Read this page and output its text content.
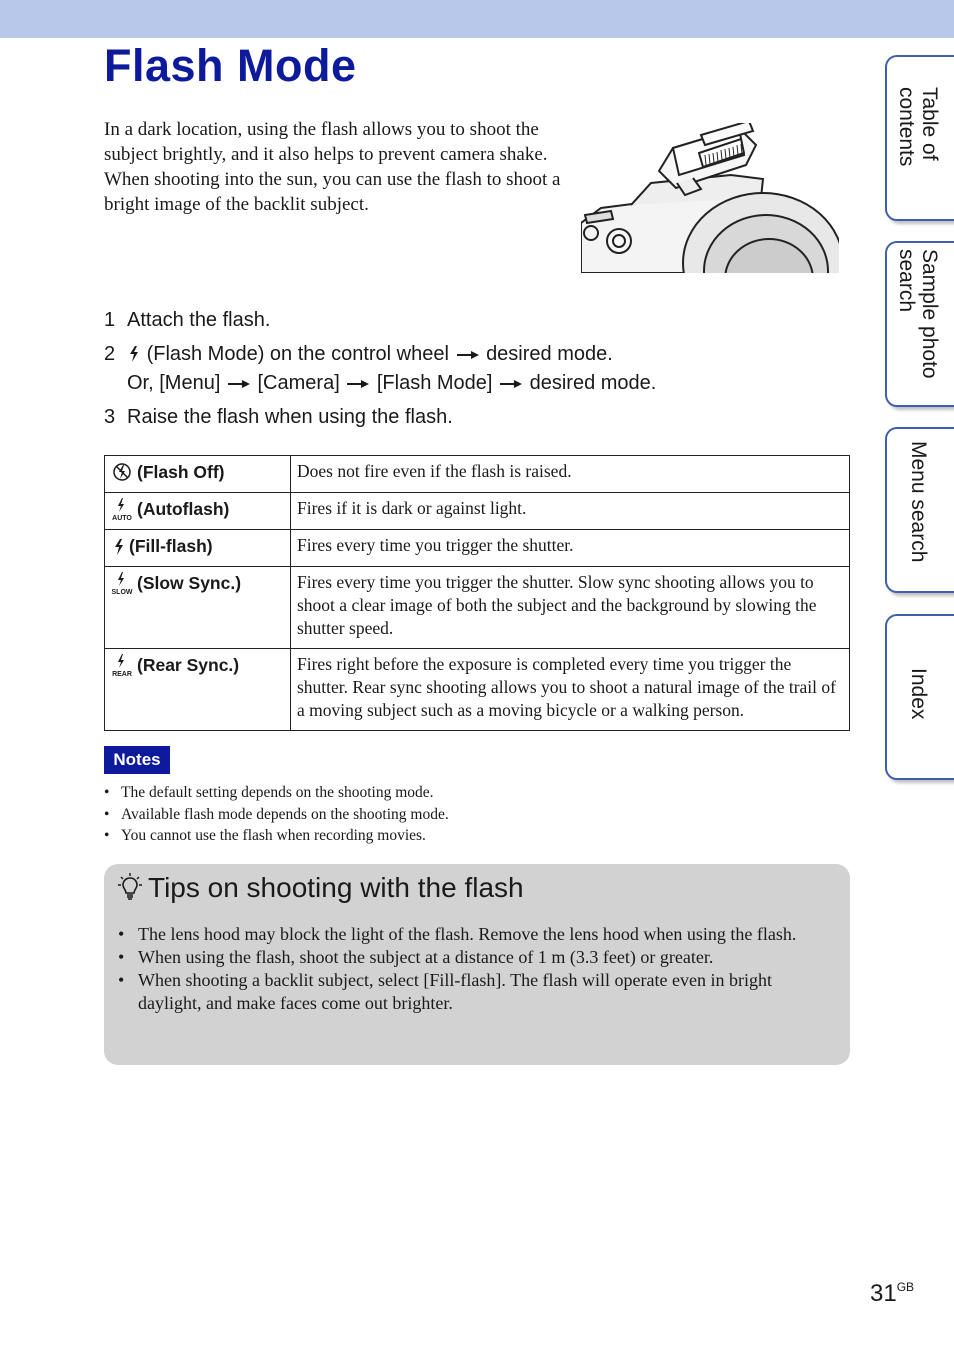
Flash Mode

In a dark location, using the flash allows you to shoot the subject brightly, and it also helps to prevent camera shake. When shooting into the sun, you can use the flash to shoot a bright image of the backlit subject.

1 Attach the flash.
2 (Flash Mode) on the control wheel desired mode.
Or, [Menu] [Camera] [Flash Mode] desired mode.
3 Raise the flash when using the flash.
(Flash Off)	Does not fire even if the flash is raised.

AUTO (Autoflash)	Fires if it is dark or against light.
(Fill-flash)	Fires every time you trigger the shutter.

SLOW (Slow Sync.)	Fires every time you trigger the shutter. Slow sync shooting allows you to shoot a clear image of both the subject and the background by slowing the shutter speed.

REAR (Rear Sync.)	Fires right before the exposure is completed every time you trigger the shutter. Rear sync shooting allows you to shoot a natural image of the trail of a moving subject such as a moving bicycle or a walking person.
Notes
• The default setting depends on the shooting mode.
• Available flash mode depends on the shooting mode.
• You cannot use the flash when recording movies.
Tips on shooting with the flash
• The lens hood may block the light of the flash. Remove the lens hood when using the flash.
• When using the flash, shoot the subject at a distance of 1 m (3.3 feet) or greater.
• When shooting a backlit subject, select [Fill-flash]. The flash will operate even in bright daylight, and make faces come out brighter.
Table of
contents
Sample photo
search
Menu search
Index
$31^{GB}$
